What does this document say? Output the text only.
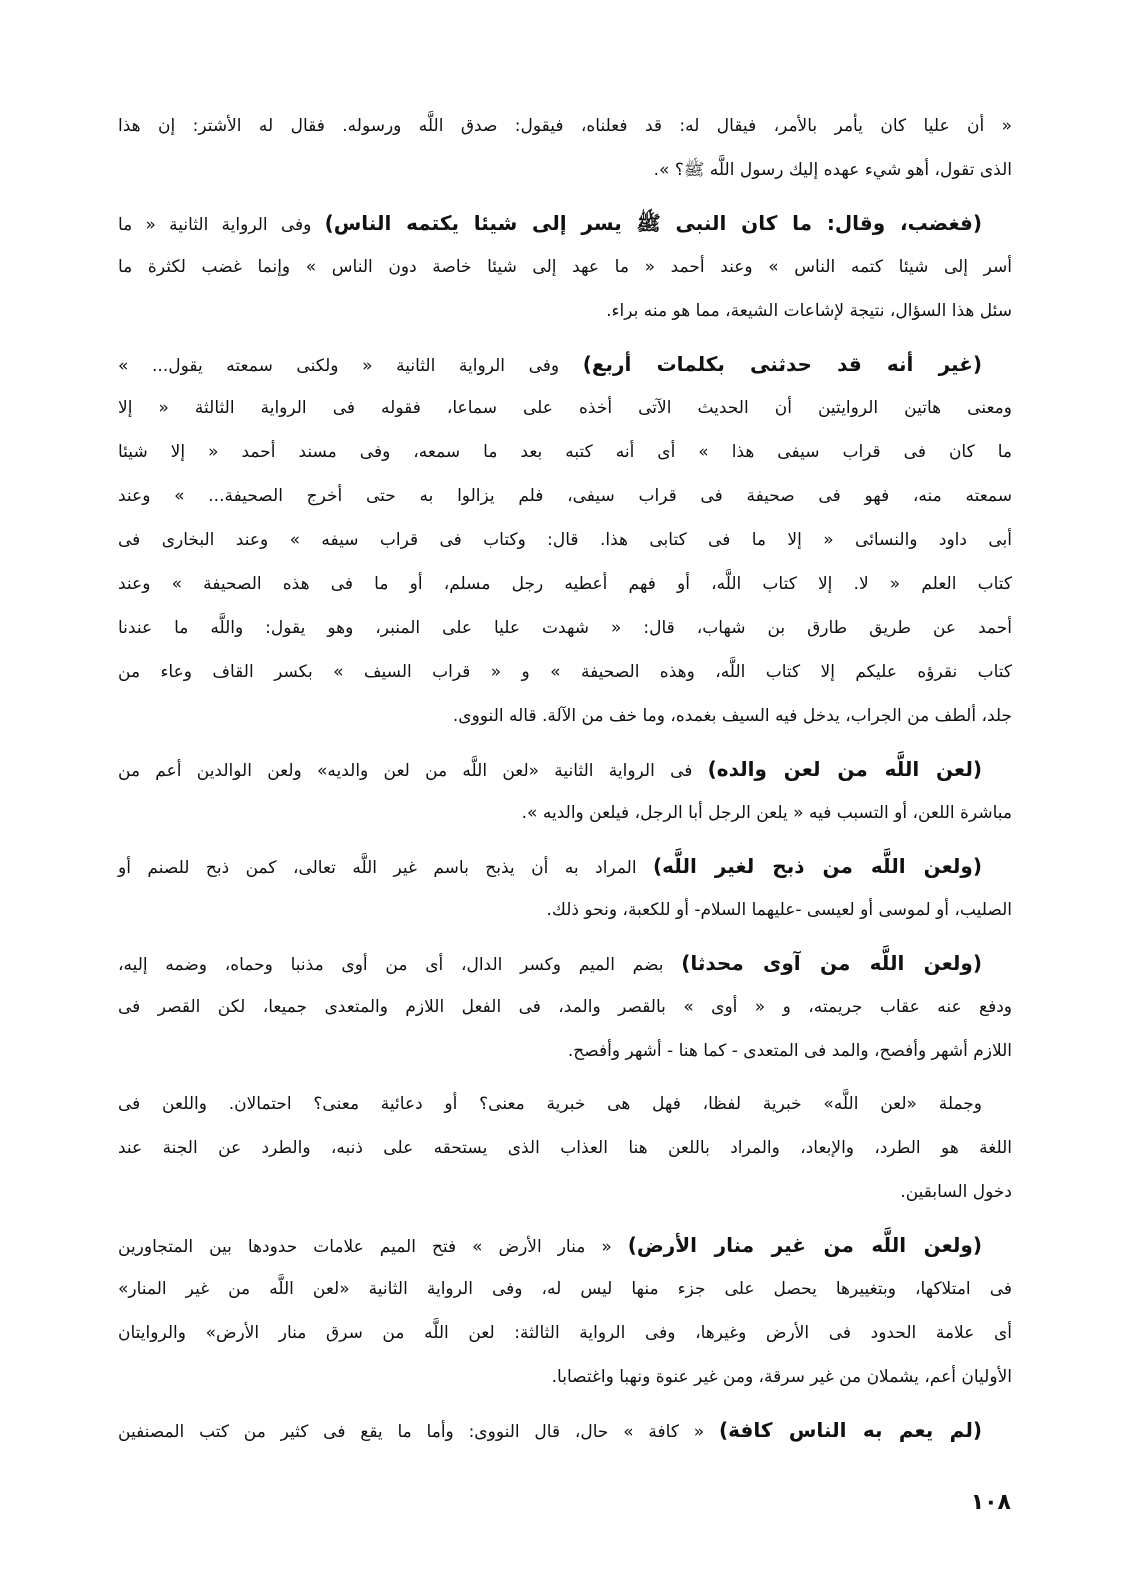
« أن عليا كان يأمر بالأمر، فيقال له: قد فعلناه، فيقول: صدق اللَّه ورسوله. فقال له الأشتر: إن هذا
الذى تقول، أهو شيء عهده إليك رسول اللَّه ﷺ؟ ».
(فغضب، وقال: ما كان النبى ﷺ يسر إلى شيئا يكتمه الناس) وفى الرواية الثانية « ما
أسر إلى شيئا كتمه الناس » وعند أحمد « ما عهد إلى شيئا خاصة دون الناس » وإنما غضب لكثرة ما
سئل هذا السؤال، نتيجة لإشاعات الشيعة، مما هو منه براء.
(غير أنه قد حدثنى بكلمات أربع) وفى الرواية الثانية « ولكنى سمعته يقول... »
ومعنى هاتين الروايتين أن الحديث الآتى أخذه على سماعا، فقوله فى الرواية الثالثة « إلا
ما كان فى قراب سيفى هذا » أى أنه كتبه بعد ما سمعه، وفى مسند أحمد « إلا شيئا
سمعته منه، فهو فى صحيفة فى قراب سيفى، فلم يزالوا به حتى أخرج الصحيفة... » وعند
أبى داود والنسائى « إلا ما فى كتابى هذا. قال: وكتاب فى قراب سيفه » وعند البخارى فى
كتاب العلم « لا. إلا كتاب اللَّه، أو فهم أعطيه رجل مسلم، أو ما فى هذه الصحيفة » وعند
أحمد عن طريق طارق بن شهاب، قال: « شهدت عليا على المنبر، وهو يقول: واللَّه ما عندنا
كتاب نقرؤه عليكم إلا كتاب اللَّه، وهذه الصحيفة » و « قراب السيف » بكسر القاف وعاء من
جلد، ألطف من الجراب، يدخل فيه السيف بغمده، وما خف من الآلة. قاله النووى.
(لعن اللَّه من لعن والده) فى الرواية الثانية «لعن اللَّه من لعن والديه» ولعن الوالدين أعم من
مباشرة اللعن، أو التسبب فيه « يلعن الرجل أبا الرجل، فيلعن والديه ».
(ولعن اللَّه من ذبح لغير اللَّه) المراد به أن يذبح باسم غير اللَّه تعالى، كمن ذبح للصنم أو
الصليب، أو لموسى أو لعيسى -عليهما السلام- أو للكعبة، ونحو ذلك.
(ولعن اللَّه من آوى محدثا) بضم الميم وكسر الدال، أى من أوى مذنبا وحماه، وضمه إليه،
ودفع عنه عقاب جريمته، و « أوى » بالقصر والمد، فى الفعل اللازم والمتعدى جميعا، لكن القصر فى
اللازم أشهر وأفصح، والمد فى المتعدى - كما هنا - أشهر وأفصح.
وجملة «لعن اللَّه» خبرية لفظا، فهل هى خبرية معنى؟ أو دعائية معنى؟ احتمالان. واللعن فى
اللغة هو الطرد، والإبعاد، والمراد باللعن هنا العذاب الذى يستحقه على ذنبه، والطرد عن الجنة عند
دخول السابقين.
(ولعن اللَّه من غير منار الأرض) « منار الأرض » فتح الميم علامات حدودها بين المتجاورين
فى امتلاكها، وبتغييرها يحصل على جزء منها ليس له، وفى الرواية الثانية «لعن اللَّه من غير المنار»
أى علامة الحدود فى الأرض وغيرها، وفى الرواية الثالثة: لعن اللَّه من سرق منار الأرض» والروايتان
الأوليان أعم، يشملان من غير سرقة، ومن غير عنوة ونهبا واغتصابا.
(لم يعم به الناس كافة) « كافة » حال، قال النووى: وأما ما يقع فى كثير من كتب المصنفين
١٠٨
